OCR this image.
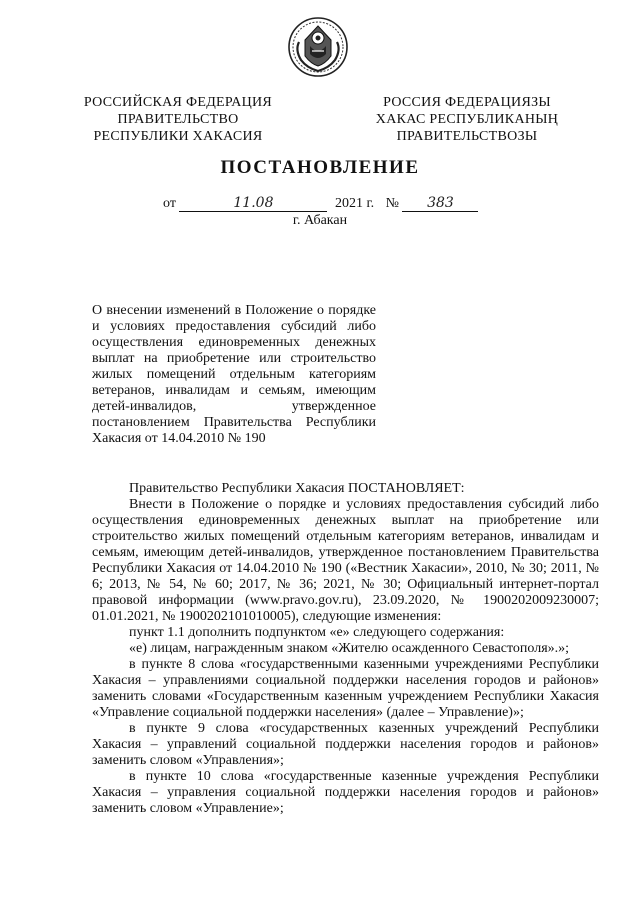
РОССИЙСКАЯ ФЕДЕРАЦИЯ
ПРАВИТЕЛЬСТВО
РЕСПУБЛИКИ ХАКАСИЯ
РОССИЯ ФЕДЕРАЦИЯЗЫ
ХАКАС РЕСПУБЛИКАНЫҢ
ПРАВИТЕЛЬСТВОЗЫ
ПОСТАНОВЛЕНИЕ
от	11.08	2021 г. № 383
г. Абакан

О внесении изменений в Положение о порядке и условиях предоставления субсидий либо осуществления единовременных денежных выплат на приобретение или строительство жилых помещений отдельным категориям ветеранов, инвалидам и семьям, имеющим детей-инвалидов, утвержденное постановлением Правительства Республики Хакасия от 14.04.2010 № 190

Правительство Республики Хакасия ПОСТАНОВЛЯЕТ:

Внести в Положение о порядке и условиях предоставления субсидий либо осуществления единовременных денежных выплат на приобретение или строительство жилых помещений отдельным категориям ветеранов, инвалидам и семьям, имеющим детей-инвалидов, утвержденное постановлением Правительства Республики Хакасия от 14.04.2010 № 190 («Вестник Хакасии», 2010, № 30; 2011, № 6; 2013, № 54, № 60; 2017, № 36; 2021, № 30; Официальный интернет-портал правовой информации (www.pravo.gov.ru), 23.09.2020, № 1900202009230007; 01.01.2021, № 1900202101010005), следующие изменения:

пункт 1.1 дополнить подпунктом «е» следующего содержания:

«е) лицам, награжденным знаком «Жителю осажденного Севастополя».»;

в пункте 8 слова «государственными казенными учреждениями Республики Хакасия – управлениями социальной поддержки населения городов и районов» заменить словами «Государственным казенным учреждением Республики Хакасия «Управление социальной поддержки населения» (далее – Управление)»;

в пункте 9 слова «государственных казенных учреждений Республики Хакасия – управлений социальной поддержки населения городов и районов» заменить словом «Управления»;

в пункте 10 слова «государственные казенные учреждения Республики Хакасия – управления социальной поддержки населения городов и районов» заменить словом «Управление»;
